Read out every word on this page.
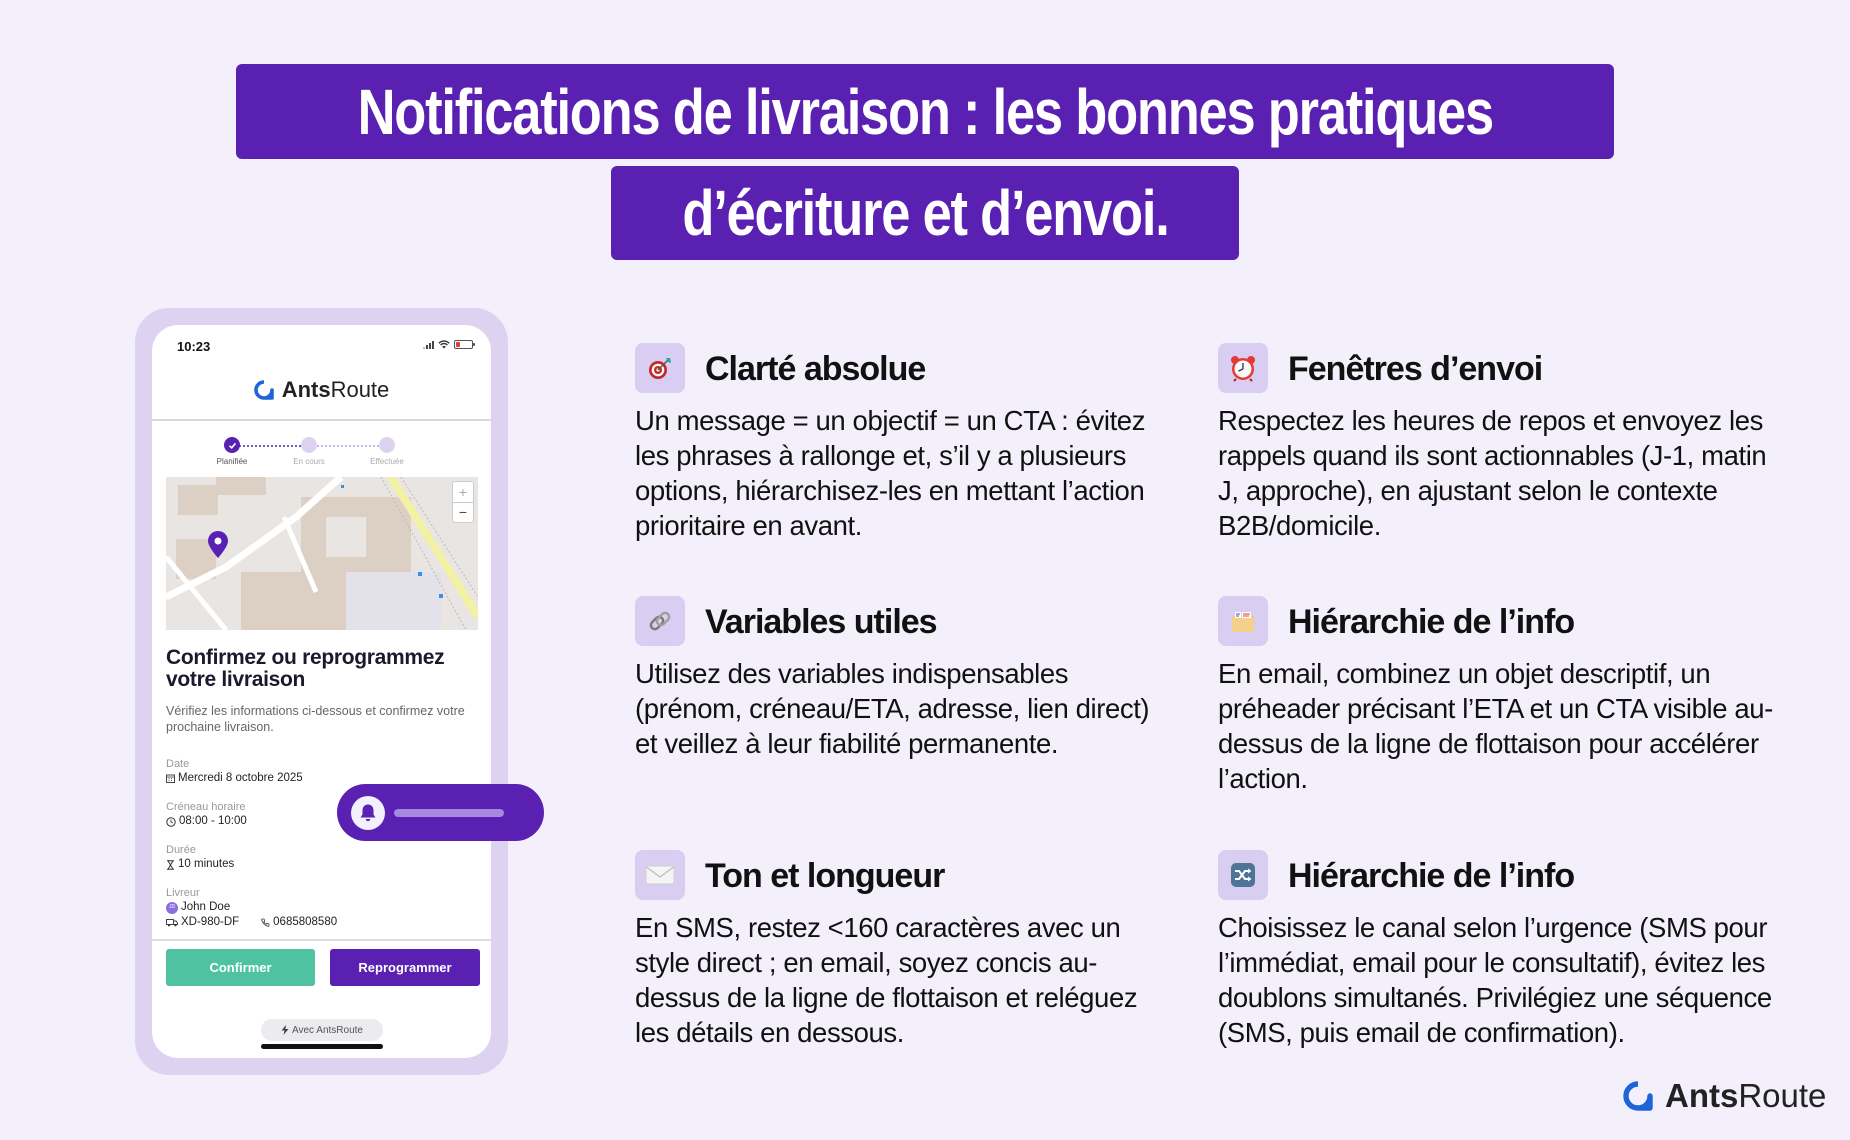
Notifications de livraison : les bonnes pratiques
d’écriture et d’envoi.
10:23
Ants Route
Planifiée	En cours	Effectuée
+
−
Confirmez ou reprogrammez votre livraison
Vérifiez les informations ci-dessous et confirmez votre prochaine livraison.
Date
Mercredi 8 octobre 2025
Créneau horaire
08:00 - 10:00
Durée
10 minutes
Livreur
JD John Doe
XD-980-DF	0685808580
Confirmer	Reprogrammer
Avec AntsRoute
Clarté absolue
Un message = un objectif = un CTA : évitez les phrases à rallonge et, s’il y a plusieurs options, hiérarchisez-les en mettant l’action prioritaire en avant.
Fenêtres d’envoi
Respectez les heures de repos et envoyez les rappels quand ils sont actionnables (J-1, matin J, approche), en ajustant selon le contexte B2B/domicile.
Variables utiles
Utilisez des variables indispensables (prénom, créneau/ETA, adresse, lien direct) et veillez à leur fiabilité permanente.
Hiérarchie de l’info
En email, combinez un objet descriptif, un préheader précisant l’ETA et un CTA visible au-dessus de la ligne de flottaison pour accélérer l’action.
Ton et longueur
En SMS, restez <160 caractères avec un style direct ; en email, soyez concis au-dessus de la ligne de flottaison et reléguez les détails en dessous.
Hiérarchie de l’info
Choisissez le canal selon l’urgence (SMS pour l’immédiat, email pour le consultatif), évitez les doublons simultanés. Privilégiez une séquence (SMS, puis email de confirmation).
Ants Route
